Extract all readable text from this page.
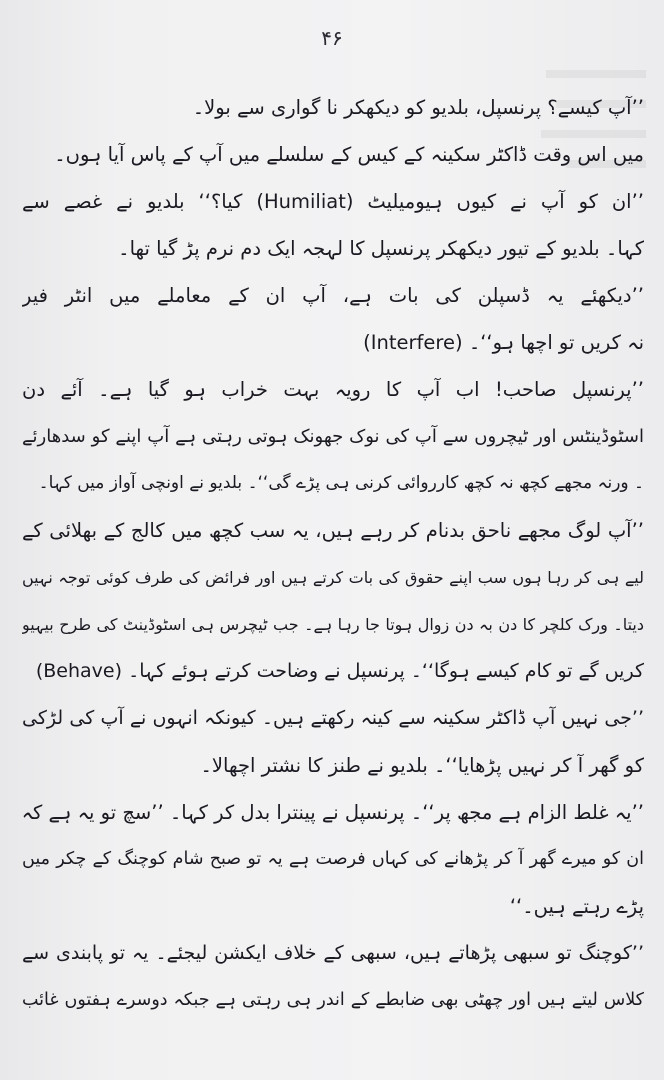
۴۶
’’آپ کیسے؟ پرنسپل، بلدیو کو دیکھکر نا گواری سے بولا۔
میں اس وقت ڈاکٹر سکینہ کے کیس کے سلسلے میں آپ کے پاس آیا ہوں۔
’’ان کو آپ نے کیوں ہیومیلیٹ (Humiliat) کیا؟‘‘ بلدیو نے غصے سے
کہا۔ بلدیو کے تیور دیکھکر پرنسپل کا لہجہ ایک دم نرم پڑ گیا تھا۔
’’دیکھئے یہ ڈسپلن کی بات ہے، آپ ان کے معاملے میں انٹر فیر
(Interfere) نہ کریں تو اچھا ہو‘‘۔
’’پرنسپل صاحب! اب آپ کا رویہ بہت خراب ہو گیا ہے۔ آئے دن
اسٹوڈینٹس اور ٹیچروں سے آپ کی نوک جھونک ہوتی رہتی ہے آپ اپنے کو سدھارئے
۔ ورنہ مجھے کچھ نہ کچھ کارروائی کرنی ہی پڑے گی‘‘۔ بلدیو نے اونچی آواز میں کہا۔
’’آپ لوگ مجھے ناحق بدنام کر رہے ہیں، یہ سب کچھ میں کالج کے بھلائی کے
لیے ہی کر رہا ہوں سب اپنے حقوق کی بات کرتے ہیں اور فرائض کی طرف کوئی توجہ نہیں
دیتا۔ ورک کلچر کا دن بہ دن زوال ہوتا جا رہا ہے۔ جب ٹیچرس ہی اسٹوڈینٹ کی طرح بیہیو
(Behave) کریں گے تو کام کیسے ہوگا‘‘۔ پرنسپل نے وضاحت کرتے ہوئے کہا۔
’’جی نہیں آپ ڈاکٹر سکینہ سے کینہ رکھتے ہیں۔ کیونکہ انہوں نے آپ کی لڑکی
کو گھر آ کر نہیں پڑھایا‘‘۔ بلدیو نے طنز کا نشتر اچھالا۔
’’یہ غلط الزام ہے مجھ پر‘‘۔ پرنسپل نے پینترا بدل کر کہا۔ ’’سچ تو یہ ہے کہ
ان کو میرے گھر آ کر پڑھانے کی کہاں فرصت ہے یہ تو صبح شام کوچنگ کے چکر میں
پڑے رہتے ہیں۔‘‘
’’کوچنگ تو سبھی پڑھاتے ہیں، سبھی کے خلاف ایکشن لیجئے۔ یہ تو پابندی سے
کلاس لیتے ہیں اور چھٹی بھی ضابطے کے اندر ہی رہتی ہے جبکہ دوسرے ہفتوں غائب
